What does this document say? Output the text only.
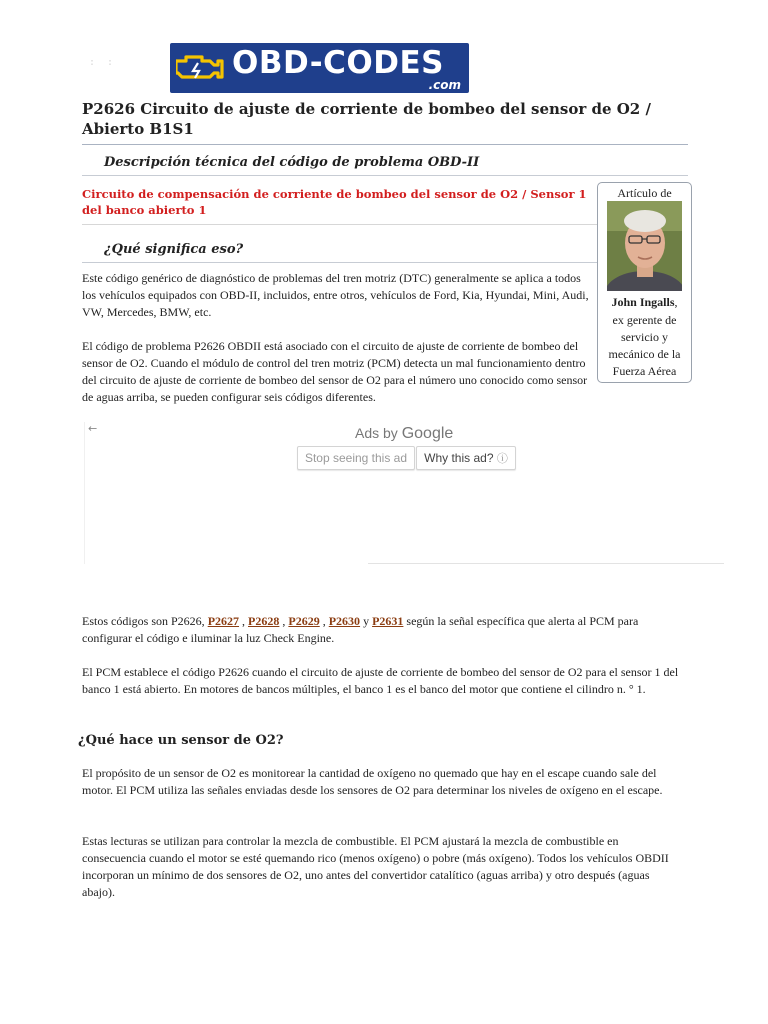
: :	OBD-CODES
.com
P2626 Circuito de ajuste de corriente de bombeo del sensor de O2 / Abierto B1S1
Descripción técnica del código de problema OBD-II
Circuito de compensación de corriente de bombeo del sensor de O2 / Sensor 1 del banco abierto 1
Artículo de
John Ingalls,
ex gerente de
servicio y
mecánico de la
Fuerza Aérea
¿Qué significa eso?
Este código genérico de diagnóstico de problemas del tren motriz (DTC) generalmente se aplica a todos los vehículos equipados con OBD-II, incluidos, entre otros, vehículos de Ford, Kia, Hyundai, Mini, Audi, VW, Mercedes, BMW, etc.
El código de problema P2626 OBDII está asociado con el circuito de ajuste de corriente de bombeo del sensor de O2. Cuando el módulo de control del tren motriz (PCM) detecta un mal funcionamiento dentro del circuito de ajuste de corriente de bombeo del sensor de O2 para el número uno conocido como sensor de aguas arriba, se pueden configurar seis códigos diferentes.
←	Ads by Google
Stop seeing this ad	Why this ad? ⓘ
Estos códigos son P2626, P2627 , P2628 , P2629 , P2630 y P2631 según la señal específica que alerta al PCM para configurar el código e iluminar la luz Check Engine.
El PCM establece el código P2626 cuando el circuito de ajuste de corriente de bombeo del sensor de O2 para el sensor 1 del banco 1 está abierto. En motores de bancos múltiples, el banco 1 es el banco del motor que contiene el cilindro n. ° 1.
¿Qué hace un sensor de O2?
El propósito de un sensor de O2 es monitorear la cantidad de oxígeno no quemado que hay en el escape cuando sale del motor. El PCM utiliza las señales enviadas desde los sensores de O2 para determinar los niveles de oxígeno en el escape.
Estas lecturas se utilizan para controlar la mezcla de combustible. El PCM ajustará la mezcla de combustible en consecuencia cuando el motor se esté quemando rico (menos oxígeno) o pobre (más oxígeno). Todos los vehículos OBDII incorporan un mínimo de dos sensores de O2, uno antes del convertidor catalítico (aguas arriba) y otro después (aguas abajo).
